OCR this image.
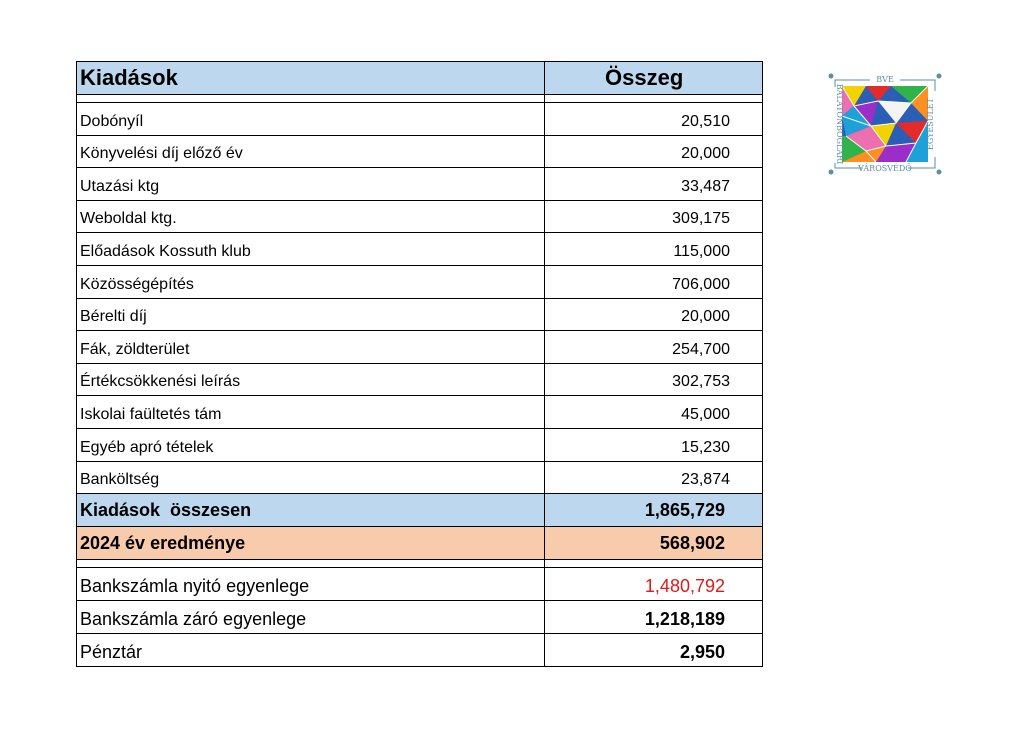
Kiadások	Összeg
Dobónyíl	20,510
Könyvelési díj előző év	20,000
Utazási ktg	33,487
Weboldal ktg.	309,175
Előadások Kossuth klub	115,000
Közösségépítés	706,000
Bérelti díj	20,000
Fák, zöldterület	254,700
Értékcsökkenési leírás	302,753
Iskolai faültetés tám	45,000
Egyéb apró tételek	15,230
Banköltség	23,874
Kiadások  összesen	1,865,729
2024 év eredménye	568,902
Bankszámla nyitó egyenlege	1,480,792
Bankszámla záró egyenlege	1,218,189
Pénztár	2,950
BVE
VÁROSVÉDŐ
BALATONBOGLÁRI	EGYESÜLET
